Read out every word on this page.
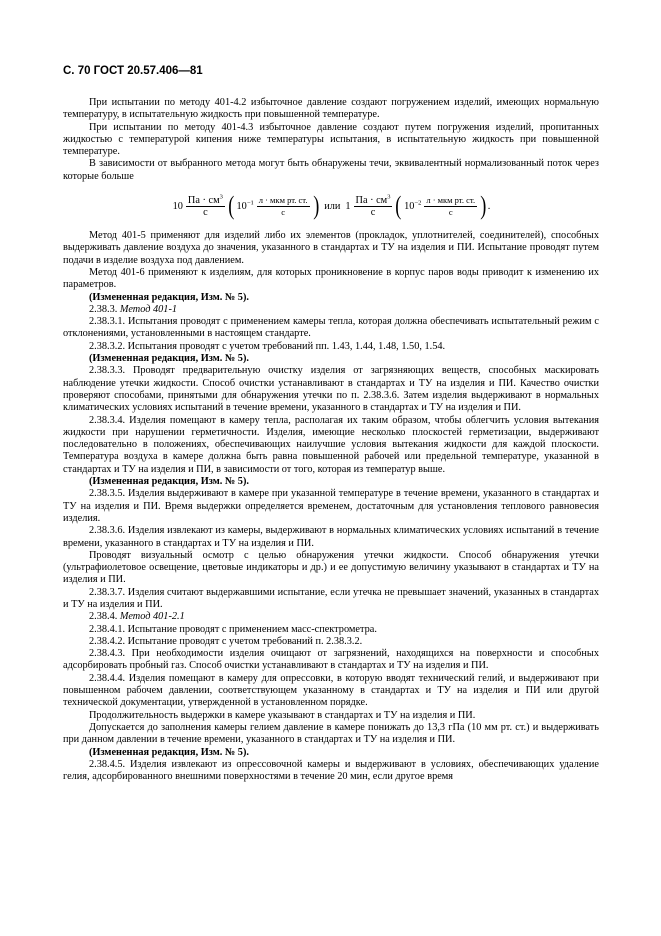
С. 70 ГОСТ 20.57.406—81

При испытании по методу 401-4.2 избыточное давление создают погружением изделий, имеющих нормальную температуру, в испытательную жидкость при повышенной температуре.

При испытании по методу 401-4.3 избыточное давление создают путем погружения изделий, пропитанных жидкостью с температурой кипения ниже температуры испытания, в испытательную жидкость при повышенной температуре.

В зависимости от выбранного метода могут быть обнаружены течи, эквивалентный нормализованный поток через которые больше

$10 \frac{Па \cdot см^3}{с}$ ( $10^{-1} \frac{\text{л · мкм рт. ст.}}{с}$ ) или $1 \frac{Па \cdot см^3}{с}$ ( $10^{-2} \frac{\text{л · мкм рт. ст.}}{с}$ ) .

Метод 401-5 применяют для изделий либо их элементов (прокладок, уплотнителей, соединителей), способных выдерживать давление воздуха до значения, указанного в стандартах и ТУ на изделия и ПИ. Испытание проводят путем подачи в изделие воздуха под давлением.

Метод 401-6 применяют к изделиям, для которых проникновение в корпус паров воды приводит к изменению их параметров.

(Измененная редакция, Изм. № 5).

2.38.3. Метод 401-1

2.38.3.1. Испытания проводят с применением камеры тепла, которая должна обеспечивать испытательный режим с отклонениями, установленными в настоящем стандарте.

2.38.3.2. Испытания проводят с учетом требований пп. 1.43, 1.44, 1.48, 1.50, 1.54.

(Измененная редакция, Изм. № 5).

2.38.3.3. Проводят предварительную очистку изделия от загрязняющих веществ, способных маскировать наблюдение утечки жидкости. Способ очистки устанавливают в стандартах и ТУ на изделия и ПИ. Качество очистки проверяют способами, принятыми для обнаружения утечки по п. 2.38.3.6. Затем изделия выдерживают в нормальных климатических условиях испытаний в течение времени, указанного в стандартах и ТУ на изделия и ПИ.

2.38.3.4. Изделия помещают в камеру тепла, располагая их таким образом, чтобы облегчить условия вытекания жидкости при нарушении герметичности. Изделия, имеющие несколько плоскостей герметизации, выдерживают последовательно в положениях, обеспечивающих наилучшие условия вытекания жидкости для каждой плоскости. Температура воздуха в камере должна быть равна повышенной рабочей или предельной температуре, указанной в стандартах и ТУ на изделия и ПИ, в зависимости от того, которая из температур выше.

(Измененная редакция, Изм. № 5).

2.38.3.5. Изделия выдерживают в камере при указанной температуре в течение времени, указанного в стандартах и ТУ на изделия и ПИ. Время выдержки определяется временем, достаточным для установления теплового равновесия изделия.

2.38.3.6. Изделия извлекают из камеры, выдерживают в нормальных климатических условиях испытаний в течение времени, указанного в стандартах и ТУ на изделия и ПИ.

Проводят визуальный осмотр с целью обнаружения утечки жидкости. Способ обнаружения утечки (ультрафиолетовое освещение, цветовые индикаторы и др.) и ее допустимую величину указывают в стандартах и ТУ на изделия и ПИ.

2.38.3.7. Изделия считают выдержавшими испытание, если утечка не превышает значений, указанных в стандартах и ТУ на изделия и ПИ.

2.38.4. Метод 401-2.1

2.38.4.1. Испытание проводят с применением масс-спектрометра.

2.38.4.2. Испытание проводят с учетом требований п. 2.38.3.2.

2.38.4.3. При необходимости изделия очищают от загрязнений, находящихся на поверхности и способных адсорбировать пробный газ. Способ очистки устанавливают в стандартах и ТУ на изделия и ПИ.

2.38.4.4. Изделия помещают в камеру для опрессовки, в которую вводят технический гелий, и выдерживают при повышенном рабочем давлении, соответствующем указанному в стандартах и ТУ на изделия и ПИ или другой технической документации, утвержденной в установленном порядке.

Продолжительность выдержки в камере указывают в стандартах и ТУ на изделия и ПИ.

Допускается до заполнения камеры гелием давление в камере понижать до 13,3 гПа (10 мм рт. ст.) и выдерживать при данном давлении в течение времени, указанного в стандартах и ТУ на изделия и ПИ.

(Измененная редакция, Изм. № 5).

2.38.4.5. Изделия извлекают из опрессовочной камеры и выдерживают в условиях, обеспечивающих удаление гелия, адсорбированного внешними поверхностями в течение 20 мин, если другое время
